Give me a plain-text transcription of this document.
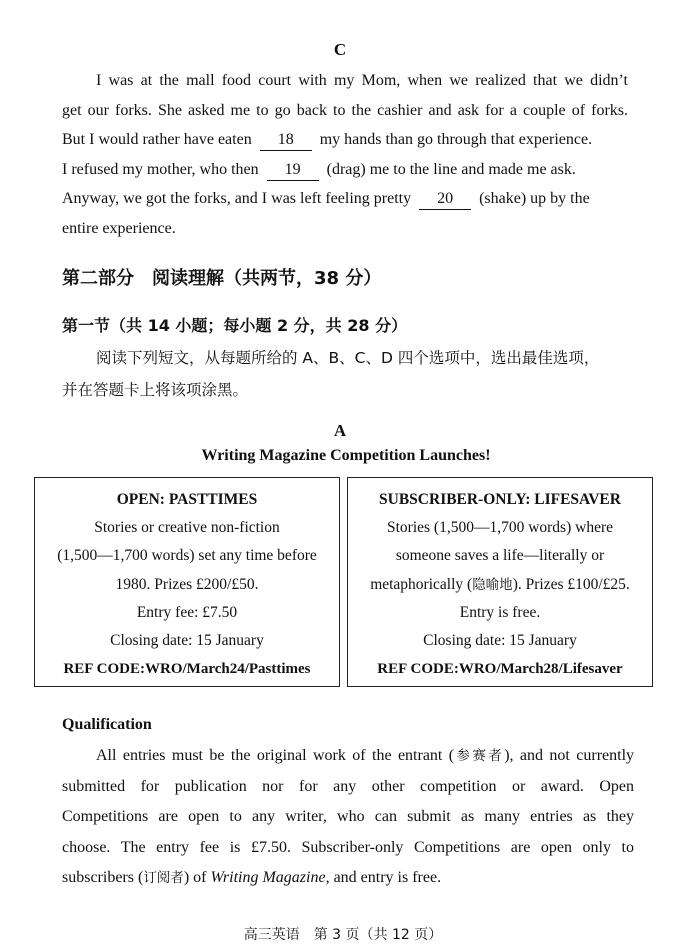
C
I was at the mall food court with my Mom, when we realized that we didn’t
get our forks. She asked me to go back to the cashier and ask for a couple of forks.
But I would rather have eaten 18 my hands than go through that experience.
I refused my mother, who then 19 (drag) me to the line and made me ask.
Anyway, we got the forks, and I was left feeling pretty 20 (shake) up by the
entire experience.
第二部分　阅读理解（共两节，38 分）
第一节（共 14 小题；每小题 2 分，共 28 分）
阅读下列短文，从每题所给的 A、B、C、D 四个选项中，选出最佳选项，
并在答题卡上将该项涂黑。
A
Writing Magazine Competition Launches!
OPEN: PASTTIMES
Stories or creative non-fiction
(1,500—1,700 words) set any time before
1980. Prizes £200/£50.
Entry fee: £7.50
Closing date: 15 January
REF CODE:WRO/March24/Pasttimes
SUBSCRIBER-ONLY: LIFESAVER
Stories (1,500—1,700 words) where
someone saves a life—literally or
metaphorically (隐喻地). Prizes £100/£25.
Entry is free.
Closing date: 15 January
REF CODE:WRO/March28/Lifesaver
Qualification
All entries must be the original work of the entrant (参赛者), and not currently
submitted for publication nor for any other competition or award. Open
Competitions are open to any writer, who can submit as many entries as they
choose. The entry fee is £7.50. Subscriber-only Competitions are open only to
subscribers (订阅者) of Writing Magazine, and entry is free.
高三英语　第 3 页（共 12 页）
